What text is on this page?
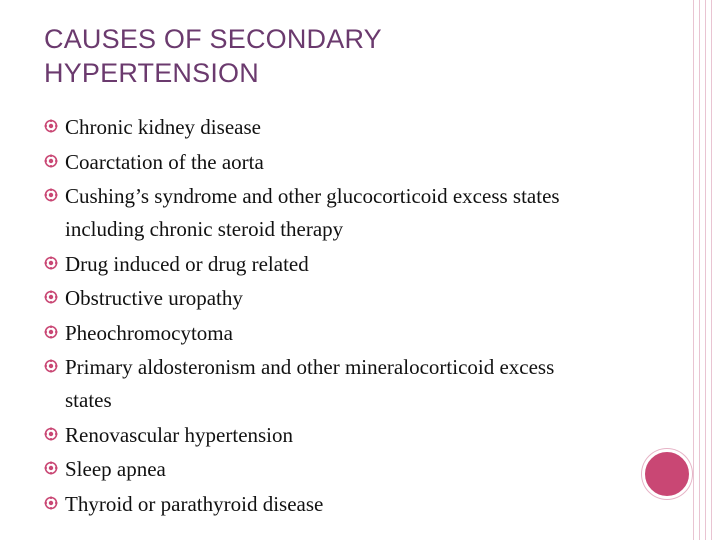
CAUSES OF SECONDARY
HYPERTENSION
Chronic kidney disease
Coarctation of the aorta
Cushing’s syndrome and other glucocorticoid excess states
including chronic steroid therapy
Drug induced or drug related
Obstructive uropathy
Pheochromocytoma
Primary aldosteronism and other mineralocorticoid excess
states
Renovascular hypertension
Sleep apnea
Thyroid or parathyroid disease
